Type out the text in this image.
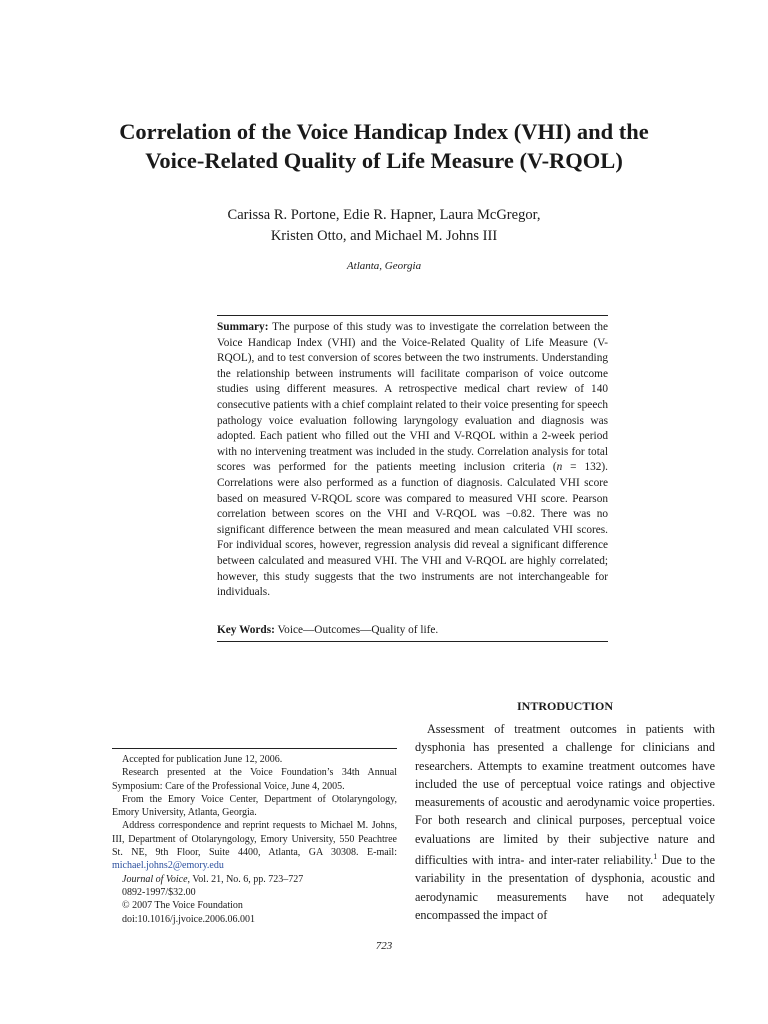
Correlation of the Voice Handicap Index (VHI) and the
Voice-Related Quality of Life Measure (V-RQOL)
Carissa R. Portone, Edie R. Hapner, Laura McGregor,
Kristen Otto, and Michael M. Johns III
Atlanta, Georgia
Summary: The purpose of this study was to investigate the correlation between the Voice Handicap Index (VHI) and the Voice-Related Quality of Life Measure (V-RQOL), and to test conversion of scores between the two instruments. Understanding the relationship between instruments will facilitate comparison of voice outcome studies using different measures. A retrospective medical chart review of 140 consecutive patients with a chief complaint related to their voice presenting for speech pathology voice evaluation following laryngology evaluation and diagnosis was adopted. Each patient who filled out the VHI and V-RQOL within a 2-week period with no intervening treatment was included in the study. Correlation analysis for total scores was performed for the patients meeting inclusion criteria (n = 132). Correlations were also performed as a function of diagnosis. Calculated VHI score based on measured V-RQOL score was compared to measured VHI score. Pearson correlation between scores on the VHI and V-RQOL was −0.82. There was no significant difference between the mean measured and mean calculated VHI scores. For individual scores, however, regression analysis did reveal a significant difference between calculated and measured VHI. The VHI and V-RQOL are highly correlated; however, this study suggests that the two instruments are not interchangeable for individuals.
Key Words: Voice—Outcomes—Quality of life.
INTRODUCTION
Assessment of treatment outcomes in patients with dysphonia has presented a challenge for clinicians and researchers. Attempts to examine treatment outcomes have included the use of perceptual voice ratings and objective measurements of acoustic and aerodynamic voice properties. For both research and clinical purposes, perceptual voice evaluations are limited by their subjective nature and difficulties with intra- and inter-rater reliability.$^1$ Due to the variability in the presentation of dysphonia, acoustic and aerodynamic measurements have not adequately encompassed the impact of

Accepted for publication June 12, 2006.

Research presented at the Voice Foundation’s 34th Annual Symposium: Care of the Professional Voice, June 4, 2005.

From the Emory Voice Center, Department of Otolaryngology, Emory University, Atlanta, Georgia.

Address correspondence and reprint requests to Michael M. Johns, III, Department of Otolaryngology, Emory University, 550 Peachtree St. NE, 9th Floor, Suite 4400, Atlanta, GA 30308. E-mail: michael.johns2@emory.edu

Journal of Voice, Vol. 21, No. 6, pp. 723–727

0892-1997/$32.00

© 2007 The Voice Foundation

doi:10.1016/j.jvoice.2006.06.001

723
